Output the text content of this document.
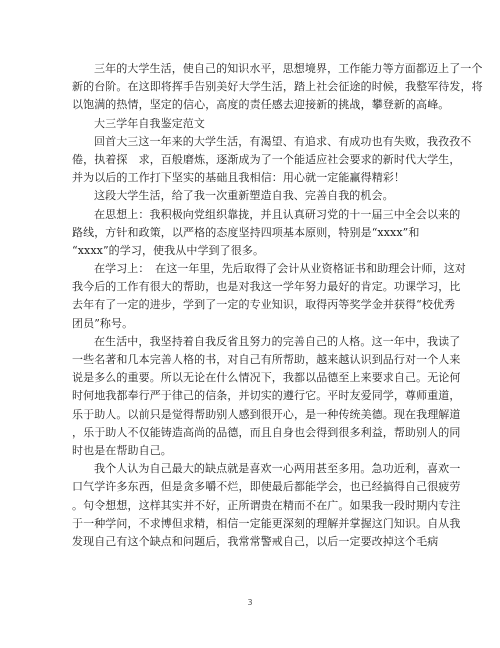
三年的大学生活，使自己的知识水平，思想境界，工作能力等方面都迈上了一个
新的台阶。在这即将挥手告别美好大学生活，踏上社会征途的时候，我整军待发，将
以饱满的热情，坚定的信心，高度的责任感去迎接新的挑战，攀登新的高峰。
大三学年自我鉴定范文
回首大三这一年来的大学生活，有渴望、有追求、有成功也有失败，我孜孜不
倦，执着探　求，百般磨炼，逐渐成为了一个能适应社会要求的新时代大学生，
并为以后的工作打下坚实的基础且我相信：用心就一定能赢得精彩！
这段大学生活，给了我一次重新塑造自我、完善自我的机会。
在思想上：我积极向党组织靠拢，并且认真研习党的十一届三中全会以来的
路线，方针和政策，以严格的态度坚持四项基本原则，特别是“xxxx”和
“xxxx”的学习，使我从中学到了很多。
在学习上：　在这一年里，先后取得了会计从业资格证书和助理会计师，这对
我今后的工作有很大的帮助，也是对我这一学年努力最好的肯定。功课学习，比
去年有了一定的进步，学到了一定的专业知识，取得丙等奖学金并获得“校优秀
团员”称号。
在生活中，我坚持着自我反省且努力的完善自己的人格。这一年中，我读了
一些名著和几本完善人格的书，对自己有所帮助，越来越认识到品行对一个人来
说是多么的重要。所以无论在什么情况下，我都以品德至上来要求自己。无论何
时何地我都奉行严于律己的信条，并切实的遵行它。平时友爱同学，尊师重道，
乐于助人。以前只是觉得帮助别人感到很开心，是一种传统美德。现在我理解道
，乐于助人不仅能铸造高尚的品德，而且自身也会得到很多利益，帮助别人的同
时也是在帮助自己。
我个人认为自己最大的缺点就是喜欢一心两用甚至多用。急功近利，喜欢一
口气学许多东西，但是贪多嚼不烂，即使最后都能学会，也已经搞得自己很疲劳
。句令想想，这样其实并不好，正所谓贵在精而不在广。如果我一段时期内专注
于一种学问，不求博但求精，相信一定能更深刻的理解并掌握这门知识。自从我
发现自己有这个缺点和问题后，我常常警戒自己，以后一定要改掉这个毛病
3
